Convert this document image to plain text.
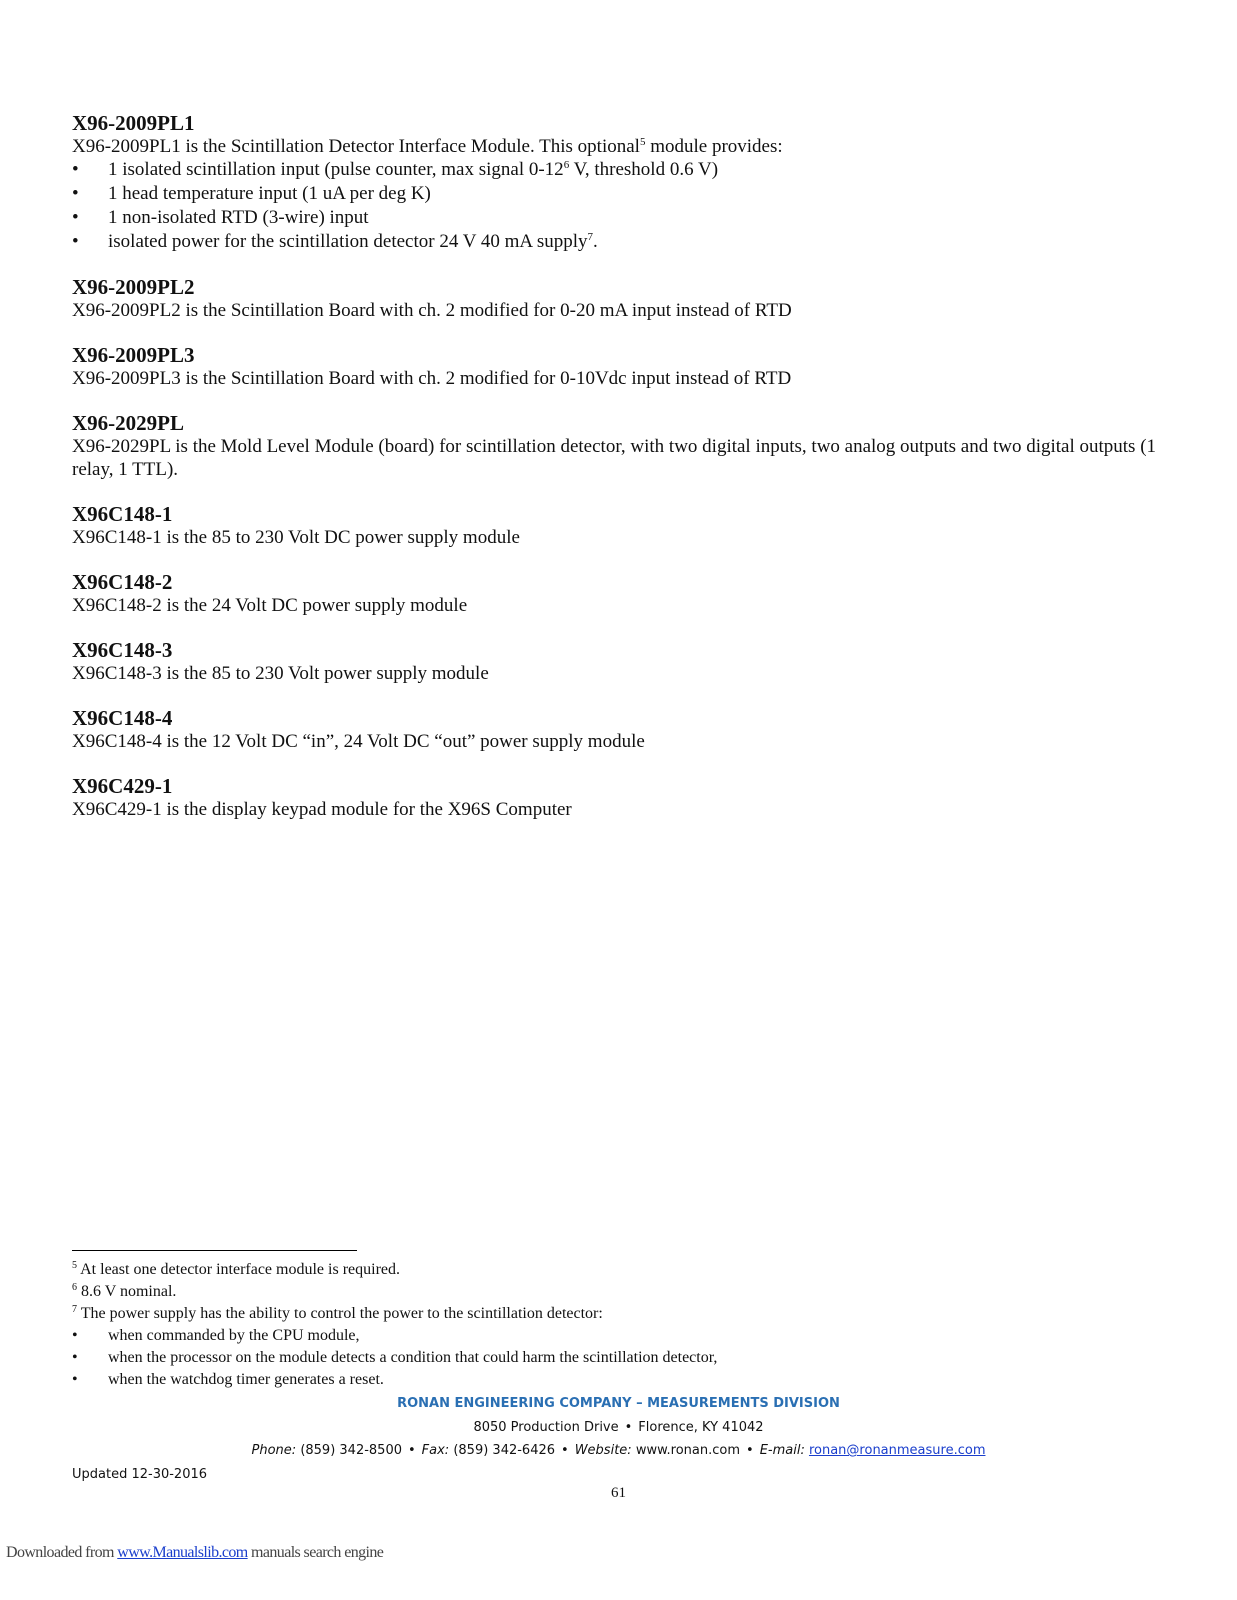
X96-2009PL1
X96-2009PL1 is the Scintillation Detector Interface Module. This optional$^5$ module provides:
• 1 isolated scintillation input (pulse counter, max signal $0-12^6$ V, threshold 0.6 V)
• 1 head temperature input (1 uA per deg K)
• 1 non-isolated RTD (3-wire) input
• isolated power for the scintillation detector 24 V 40 mA supply$^7$.
X96-2009PL2
X96-2009PL2 is the Scintillation Board with ch. 2 modified for 0-20 mA input instead of RTD
X96-2009PL3
X96-2009PL3 is the Scintillation Board with ch. 2 modified for 0-10Vdc input instead of RTD
X96-2029PL
X96-2029PL is the Mold Level Module (board) for scintillation detector, with two digital inputs, two analog outputs and two digital outputs (1 relay, 1 TTL).
X96C148-1
X96C148-1 is the 85 to 230 Volt DC power supply module
X96C148-2
X96C148-2 is the 24 Volt DC power supply module
X96C148-3
X96C148-3 is the 85 to 230 Volt power supply module
X96C148-4
X96C148-4 is the 12 Volt DC “in”, 24 Volt DC “out” power supply module
X96C429-1
X96C429-1 is the display keypad module for the X96S Computer
$^5$ At least one detector interface module is required.
$^6$ 8.6 V nominal.
$^7$ The power supply has the ability to control the power to the scintillation detector:
• when commanded by the CPU module,
• when the processor on the module detects a condition that could harm the scintillation detector,
• when the watchdog timer generates a reset.
RONAN ENGINEERING COMPANY – MEASUREMENTS DIVISION
8050 Production Drive • Florence, KY 41042
Phone: (859) 342-8500 • Fax: (859) 342-6426 • Website: www.ronan.com • E-mail: ronan@ronanmeasure.com
Updated 12-30-2016
61
Downloaded from www.Manualslib.com manuals search engine
